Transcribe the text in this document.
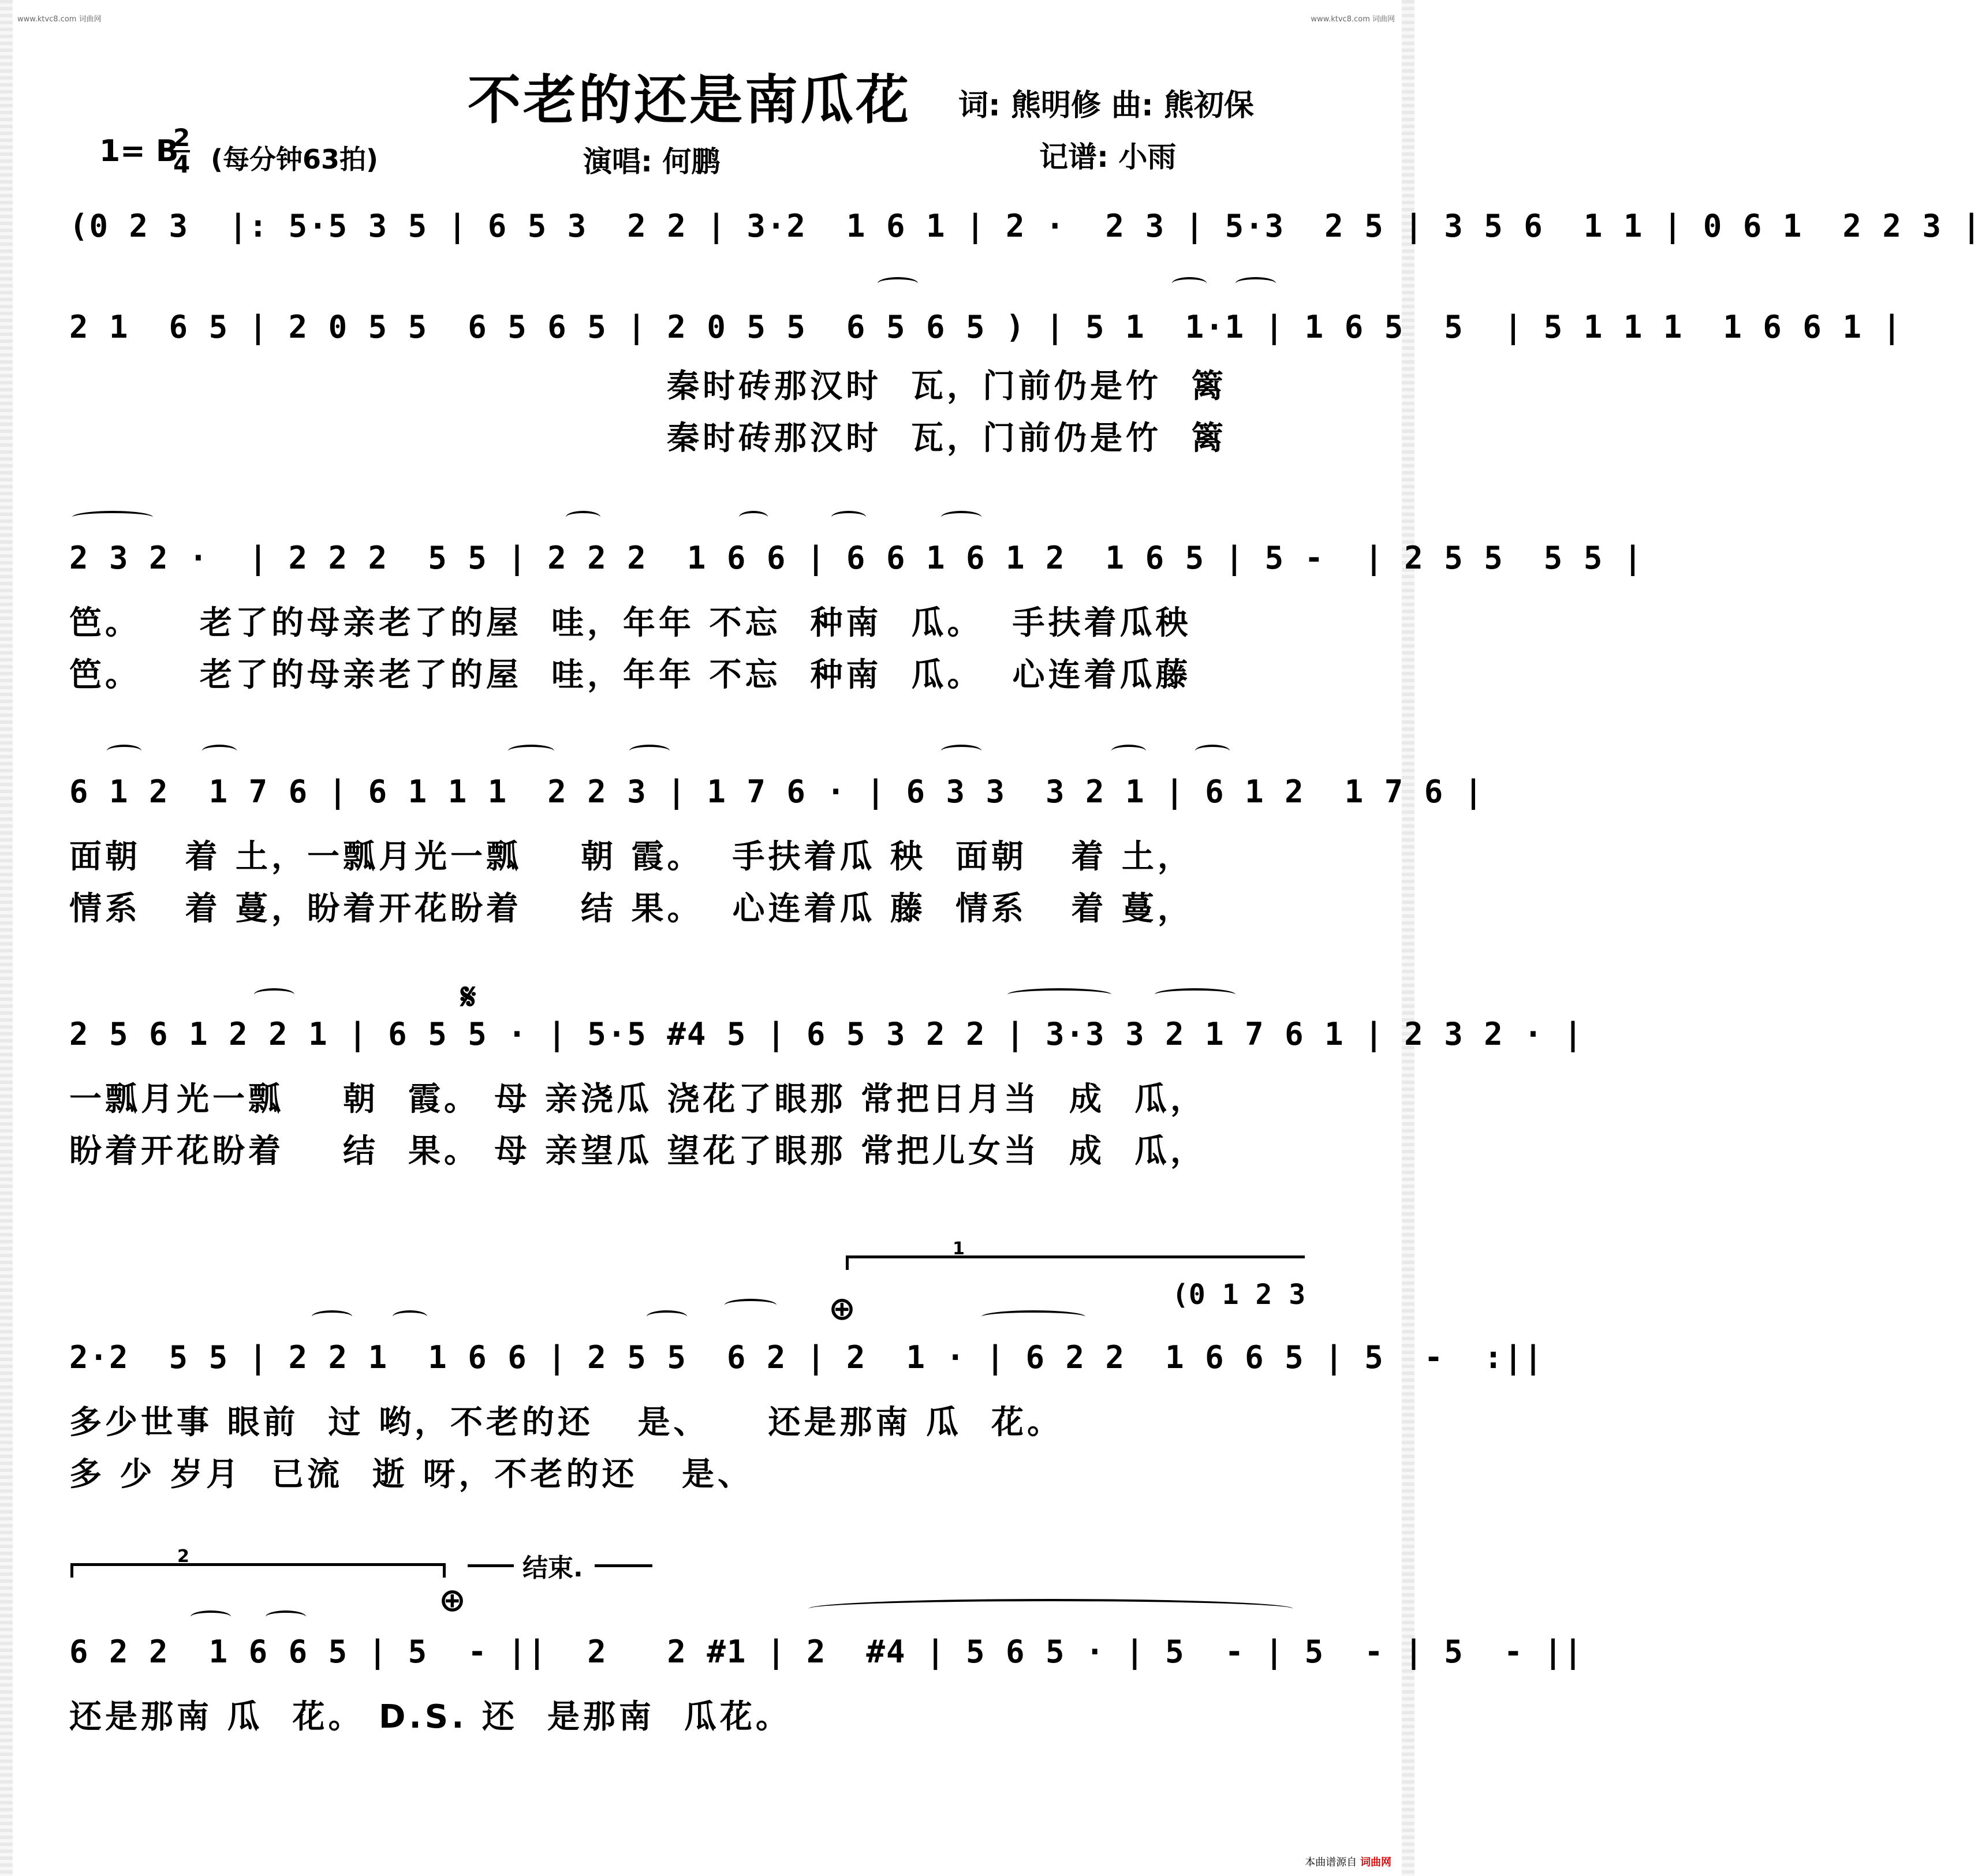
www.ktvc8.com 词曲网	www.ktvc8.com 词曲网
不老的还是南瓜花 词: 熊明修 曲: 熊初保
1= B
2
4 (每分钟63拍)	演唱: 何鹏	记谱: 小雨
(0 2 3  |: 5·5 3 5 | 6 5 3  2 2 | 3·2  1 6 1 | 2 ·  2 3 | 5·3  2 5 | 3 5 6  1 1 | 0 6 1  2 2 3 |
2 1  6 5 | 2 0 5 5  6 5 6 5 | 2 0 5 5  6 5 6 5 ) | 5 1  1·1 | 1 6 5  5  | 5 1 1 1  1 6 6 1 |
秦时砖那汉时  瓦，门前仍是竹  篱
秦时砖那汉时  瓦，门前仍是竹  篱
2 3 2 ·  | 2 2 2  5 5 | 2 2 2  1 6 6 | 6 6 1 6 1 2  1 6 5 | 5 -  | 2 5 5  5 5 |
笆。    老了的母亲老了的屋  哇，年年 不忘  种南  瓜。  手扶着瓜秧
笆。    老了的母亲老了的屋  哇，年年 不忘  种南  瓜。  心连着瓜藤
6 1 2  1 7 6 | 6 1 1 1  2 2 3 | 1 7 6 · | 6 3 3  3 2 1 | 6 1 2  1 7 6 |
面朝   着 土，一瓢月光一瓢    朝 霞。  手扶着瓜 秧  面朝   着 土，
情系   着 蔓，盼着开花盼着    结 果。  心连着瓜 藤  情系   着 蔓，
𝄋
2 5 6 1 2 2 1 | 6 5 5 · | 5·5 #4 5 | 6 5 3 2 2 | 3·3 3 2 1 7 6 1 | 2 3 2 · |
一瓢月光一瓢    朝  霞。 母 亲浇瓜 浇花了眼那 常把日月当  成  瓜，
盼着开花盼着    结  果。 母 亲望瓜 望花了眼那 常把儿女当  成  瓜，
1
(0 1 2 3
⊕
2·2  5 5 | 2 2 1  1 6 6 | 2 5 5  6 2 | 2  1 · | 6 2 2  1 6 6 5 | 5  -  :||
多少世事 眼前  过 哟，不老的还   是、    还是那南 瓜  花。
多 少 岁月  已流  逝 呀，不老的还   是、
2	结束.
⊕
6 2 2  1 6 6 5 | 5  - ||  2   2 #1 | 2  #4 | 5 6 5 · | 5  - | 5  - | 5  - ||
还是那南 瓜  花。 D.S. 还  是那南  瓜花。
本曲谱源自 词曲网
